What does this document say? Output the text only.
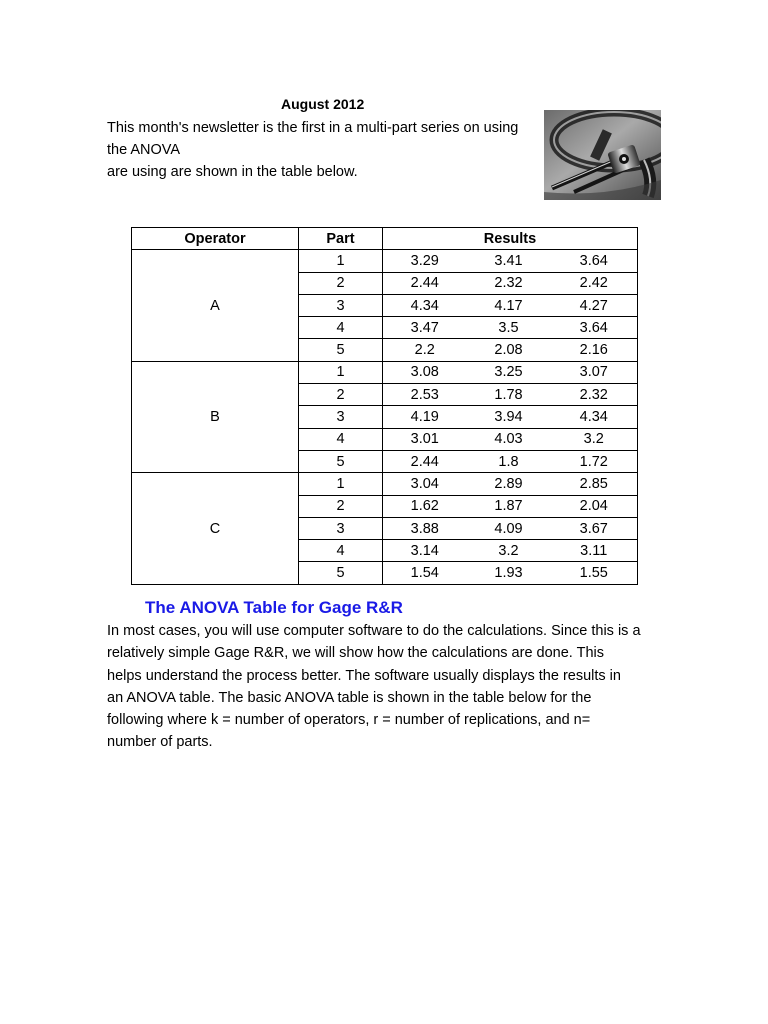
August 2012
This month's newsletter is the first in a multi-part series on using
the ANOVA
are using are shown in the table below.
Operator	Part	Results		
A	1	3.29	3.41	3.64
	2	2.44	2.32	2.42
	3	4.34	4.17	4.27
	4	3.47	3.5	3.64
	5	2.2	2.08	2.16
B	1	3.08	3.25	3.07
	2	2.53	1.78	2.32
	3	4.19	3.94	4.34
	4	3.01	4.03	3.2
	5	2.44	1.8	1.72
C	1	3.04	2.89	2.85
	2	1.62	1.87	2.04
	3	3.88	4.09	3.67
	4	3.14	3.2	3.11
	5	1.54	1.93	1.55
The ANOVA Table for Gage R&R
In most cases, you will use computer software to do the calculations. Since this is a
relatively simple Gage R&R, we will show how the calculations are done. This
helps understand the process better. The software usually displays the results in
an ANOVA table. The basic ANOVA table is shown in the table below for the
following where k = number of operators, r = number of replications, and n=
number of parts.
